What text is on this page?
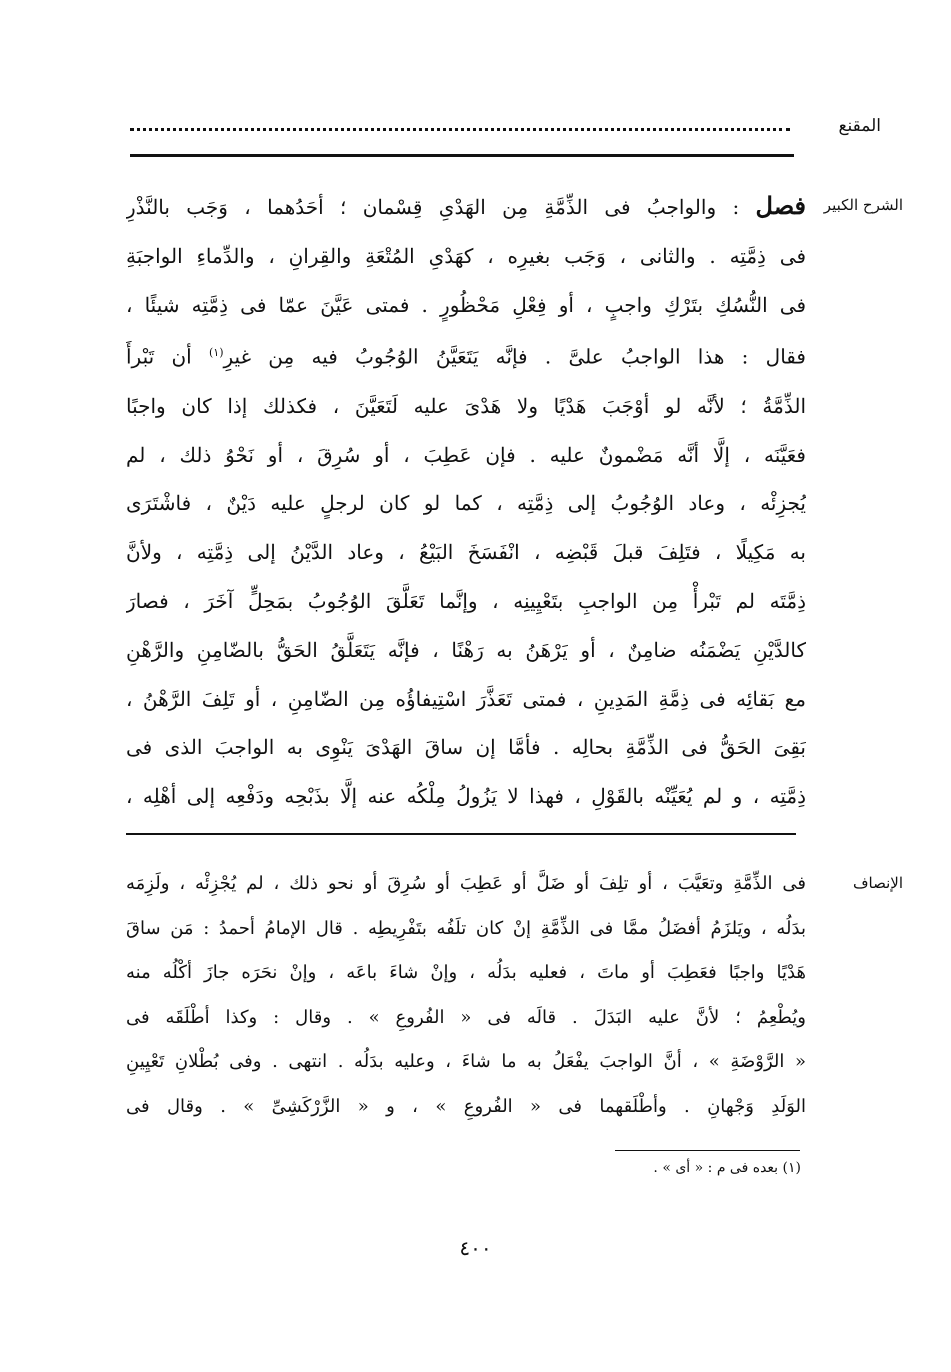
المقنع
الشرح الكبير
فصل : والواجبُ فى الذِّمَّةِ مِن الهَدْىِ قِسْمان ؛ أحَدُهما ، وَجَب بالنَّذْرِ
فى ذِمَّتِه . والثانى ، وَجَب بغيرِه ، كهَدْىِ المُتْعَةِ والقِرانِ ، والدِّماءِ الواجبَةِ
فى النُّسُكِ بتَرْكِ واجبٍ ، أو فِعْلِ مَحْظُورٍ . فمتى عَيَّنَ عمّا فى ذِمَّتِه شيئًا ،
فقال : هذا الواجبُ علىَّ . فإنَّه يَتَعَيَّنُ الوُجُوبُ فيه مِن غيرِ$^{(١)}$ أن تَبْرأَ
الذِّمَّةُ ؛ لأنَّه لو أوْجَبَ هَدْيًا ولا هَدْىَ عليه لَتَعَيَّنَ ، فكذلك إذا كان واجبًا
فعَيَّنَه ، إلَّا أنَّه مَضْمونٌ عليه . فإن عَطِبَ ، أو سُرِقَ ، أو نَحْوُ ذلك ، لم
يُجزِئْه ، وعاد الوُجُوبُ إلى ذِمَّتِه ، كما لو كان لرجلٍ عليه دَيْنٌ ، فاشْتَرَى
به مَكِيلًا ، فتَلِفَ قبلَ قَبْضِه ، انْفَسَخَ البَيْعُ ، وعاد الدَّيْنُ إلى ذِمَّتِه ، ولأنَّ
ذِمَّتَه لم تَبْرأْ مِن الواجبِ بتَعْيِينِه ، وإنَّما تَعَلَّقَ الوُجُوبُ بمَحِلٍّ آخَرَ ، فصارَ
كالدَّيْنِ يَضْمَنُه ضامِنٌ ، أو يَرْهَنُ به رَهْنًا ، فإنَّه يَتَعَلَّقُ الحَقُّ بالضّامِنِ والرَّهْنِ
مع بَقائِه فى ذِمَّةِ المَدِينِ ، فمتى تَعَذَّرَ اسْتِيفاؤُه مِن الضّامِنِ ، أو تَلِفَ الرَّهْنُ ،
بَقِىَ الحَقُّ فى الذِّمَّةِ بحالِه . فأمَّا إن ساقَ الهَدْىَ يَنْوِى به الواجبَ الذى فى
ذِمَّتِه ، و لم يُعَيِّنْه بالقَوْلِ ، فهذا لا يَزُولُ مِلْكُه عنه إلَّا بذَبْحِه ودَفْعِه إلى أهْلِه ،
الإنصاف
فى الذِّمَّةِ وتعَيَّبَ ، أو تلِفَ أو ضَلَّ أو عَطِبَ أو سُرِقَ أو نحو ذلك ، لم يُجْزِئْه ، ولَزِمَه
بدَلُه ، ويَلزَمُ أفضَلُ ممَّا فى الذِّمَّةِ إنْ كان تلَفُه بتَفْرِيطِه . قال الإمامُ أحمدُ : مَن ساقَ
هَدْيًا واجبًا فعَطِبَ أو ماتَ ، فعليه بدَلُه ، وإنْ شاءَ باعَه ، وإنْ نحَرَه جازَ أكْلُه منه
ويُطْعِمُ ؛ لأنَّ عليه البَدَلَ . قالَه فى « الفُروعِ » . وقال : وكذا أطْلَقَه فى
« الرَّوْضَةِ » ، أنَّ الواجبَ يفْعَلُ به ما شاءَ ، وعليه بدَلُه . انتهى . وفى بُطْلانِ تَعْيِينِ
الوَلَدِ وَجْهانِ . وأطْلَقهما فى « الفُروعِ » ، و « الزَّرْكَشِىِّ » . وقال فى
(١) بعده فى م : « أى » .
٤٠٠
